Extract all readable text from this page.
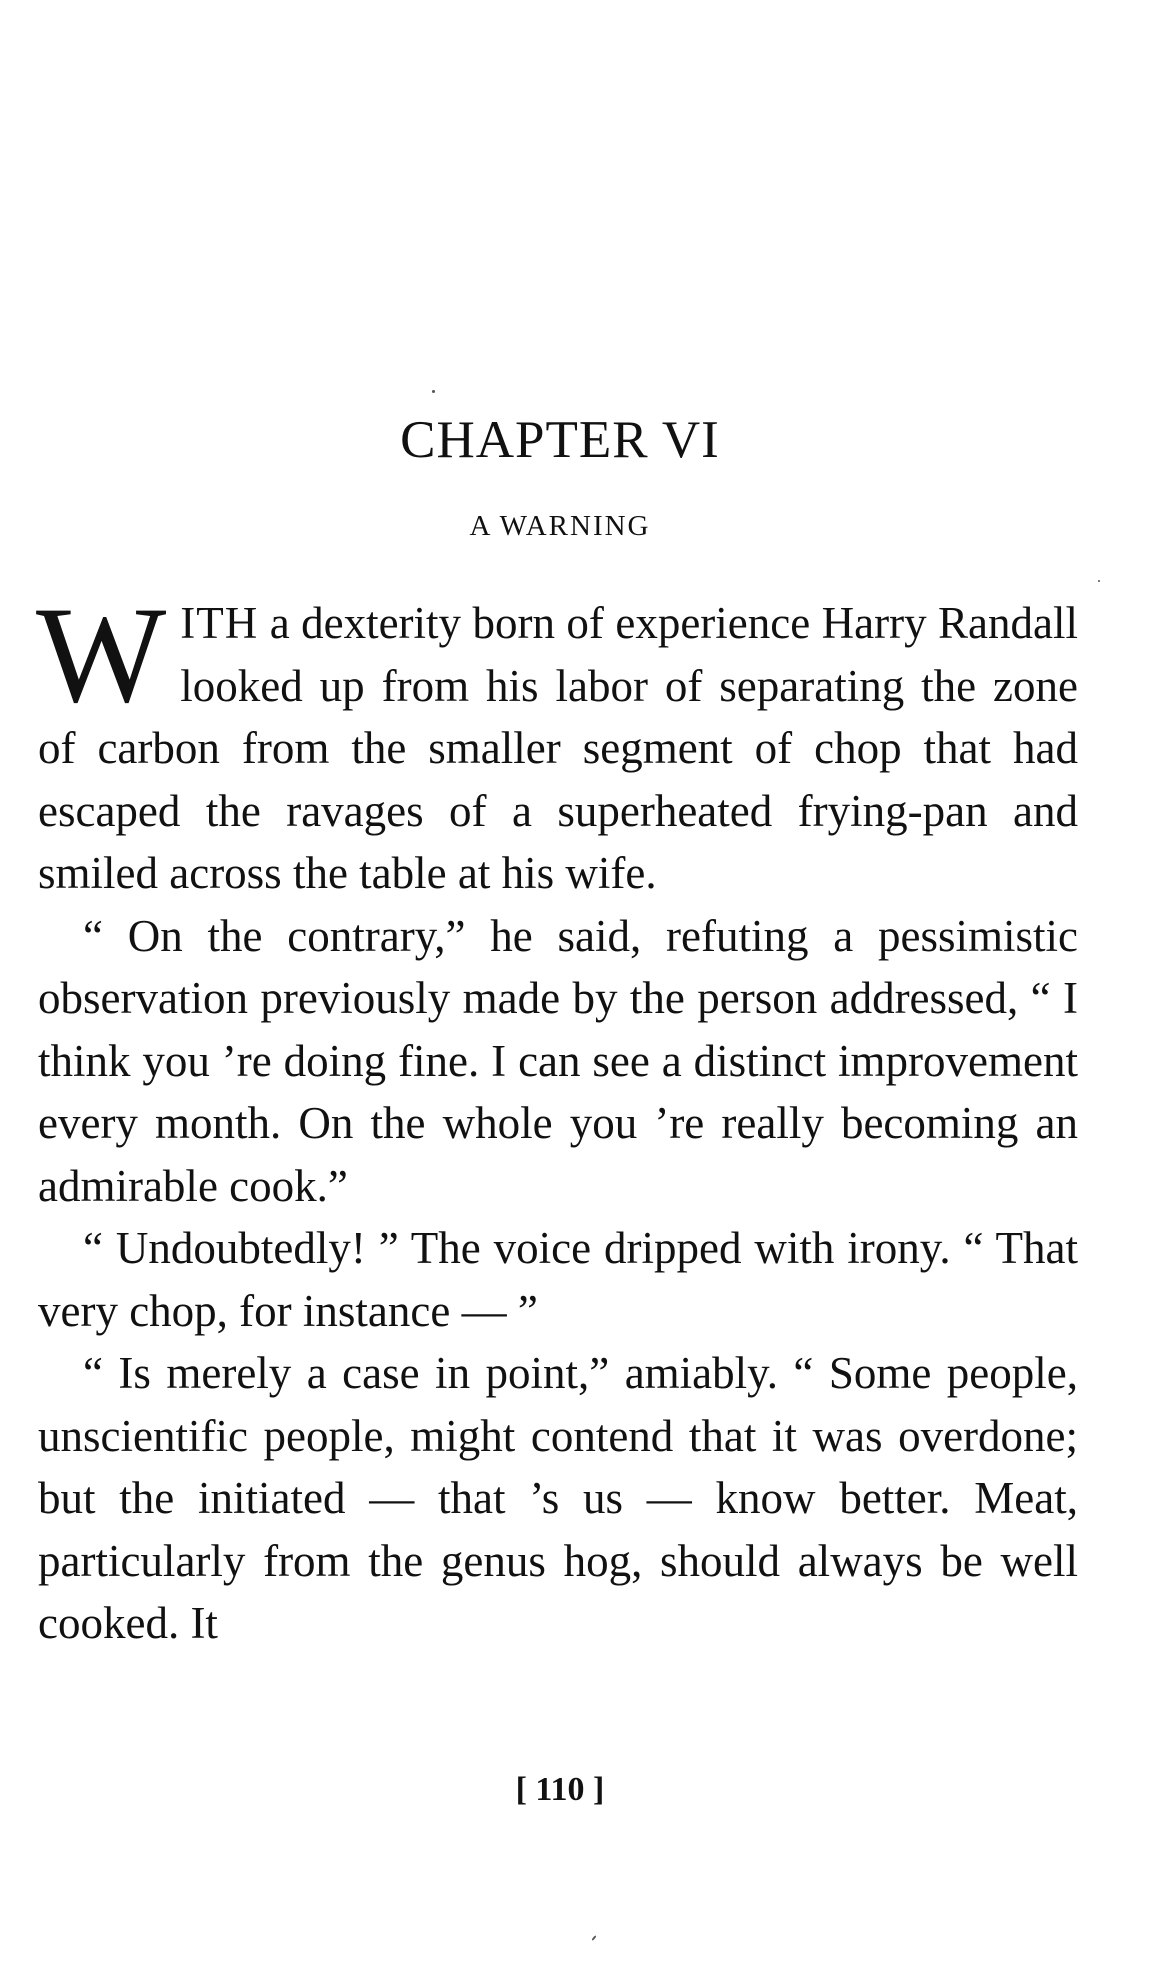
CHAPTER VI
A WARNING

WITH a dexterity born of experience Harry Randall looked up from his labor of separating the zone of carbon from the smaller segment of chop that had escaped the ravages of a superheated frying-pan and smiled across the table at his wife.

“ On the contrary,” he said, refuting a pessimistic observation previously made by the person addressed, “ I think you ’re doing fine. I can see a distinct improvement every month. On the whole you ’re really becoming an admirable cook.”

“ Undoubtedly! ” The voice dripped with irony. “ That very chop, for instance — ”

“ Is merely a case in point,” amiably. “ Some people, unscientific people, might contend that it was overdone; but the initiated — that ’s us — know better. Meat, particularly from the genus hog, should always be well cooked. It

[ 110 ]
